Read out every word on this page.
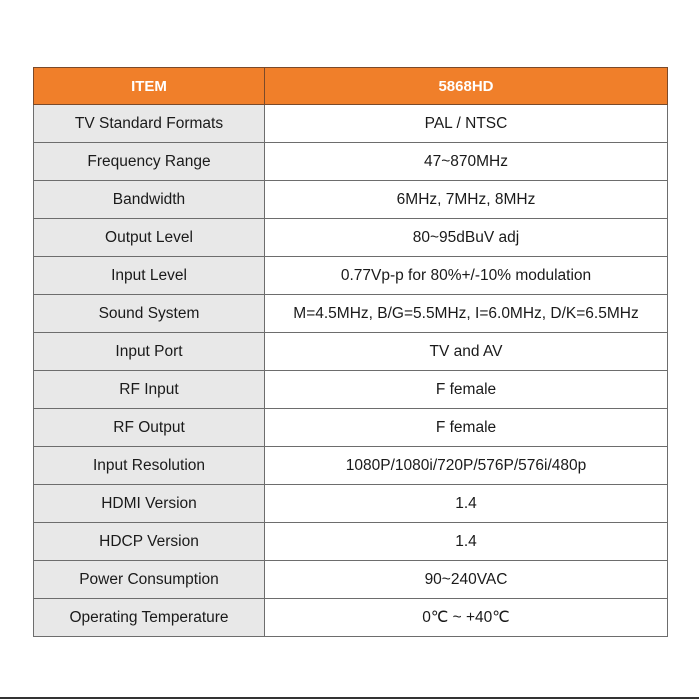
ITEM	5868HD
TV Standard Formats	PAL / NTSC
Frequency Range	47~870MHz
Bandwidth	6MHz, 7MHz, 8MHz
Output Level	80~95dBuV adj
Input Level	0.77Vp-p for 80%+/-10% modulation
Sound System	M=4.5MHz, B/G=5.5MHz, I=6.0MHz, D/K=6.5MHz
Input Port	TV and AV
RF Input	F female
RF Output	F female
Input Resolution	1080P/1080i/720P/576P/576i/480p
HDMI Version	1.4
HDCP Version	1.4
Power Consumption	90~240VAC
Operating Temperature	0℃ ~ +40℃
